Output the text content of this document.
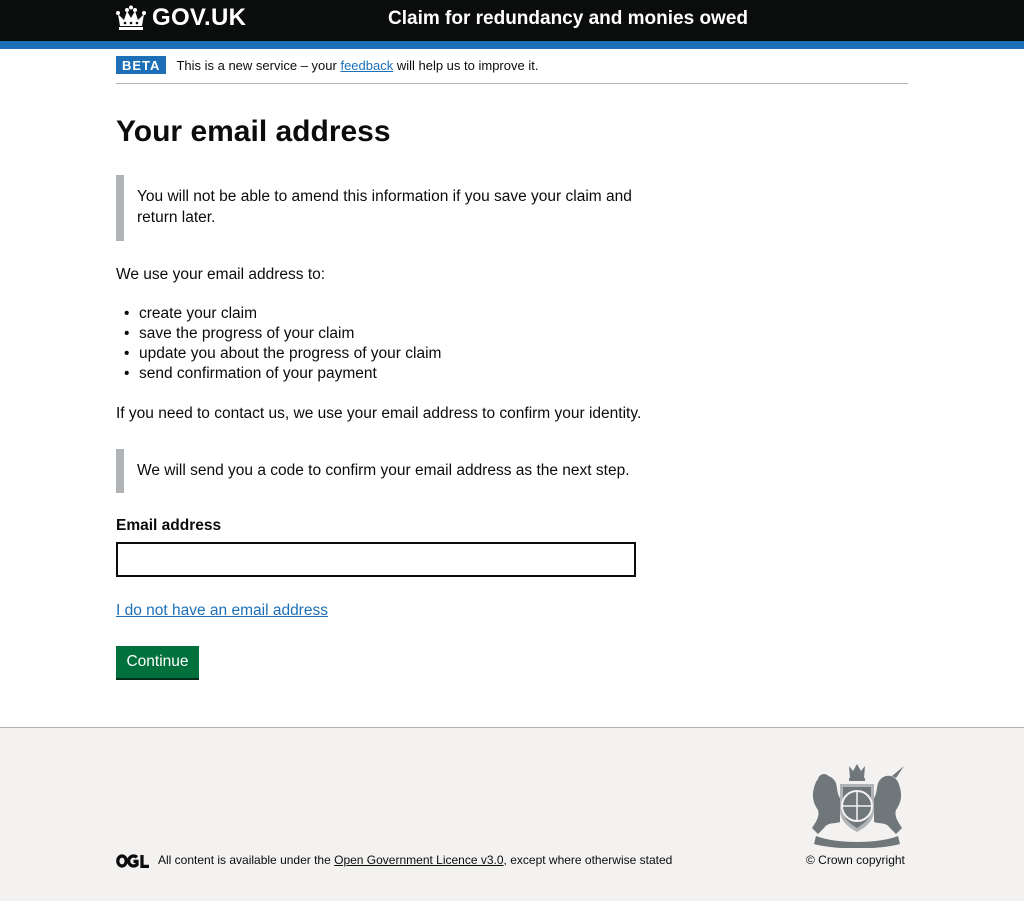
GOV.UK	Claim for redundancy and monies owed
BETA	This is a new service – your feedback will help us to improve it.
Your email address
You will not be able to amend this information if you save your claim and return later.

We use your email address to:

• create your claim
• save the progress of your claim
• update you about the progress of your claim
• send confirmation of your payment

If you need to contact us, we use your email address to confirm your identity.

We will send you a code to confirm your email address as the next step.
Email address
I do not have an email address
Continue
All content is available under the Open Government Licence v3.0, except where otherwise stated	© Crown copyright
